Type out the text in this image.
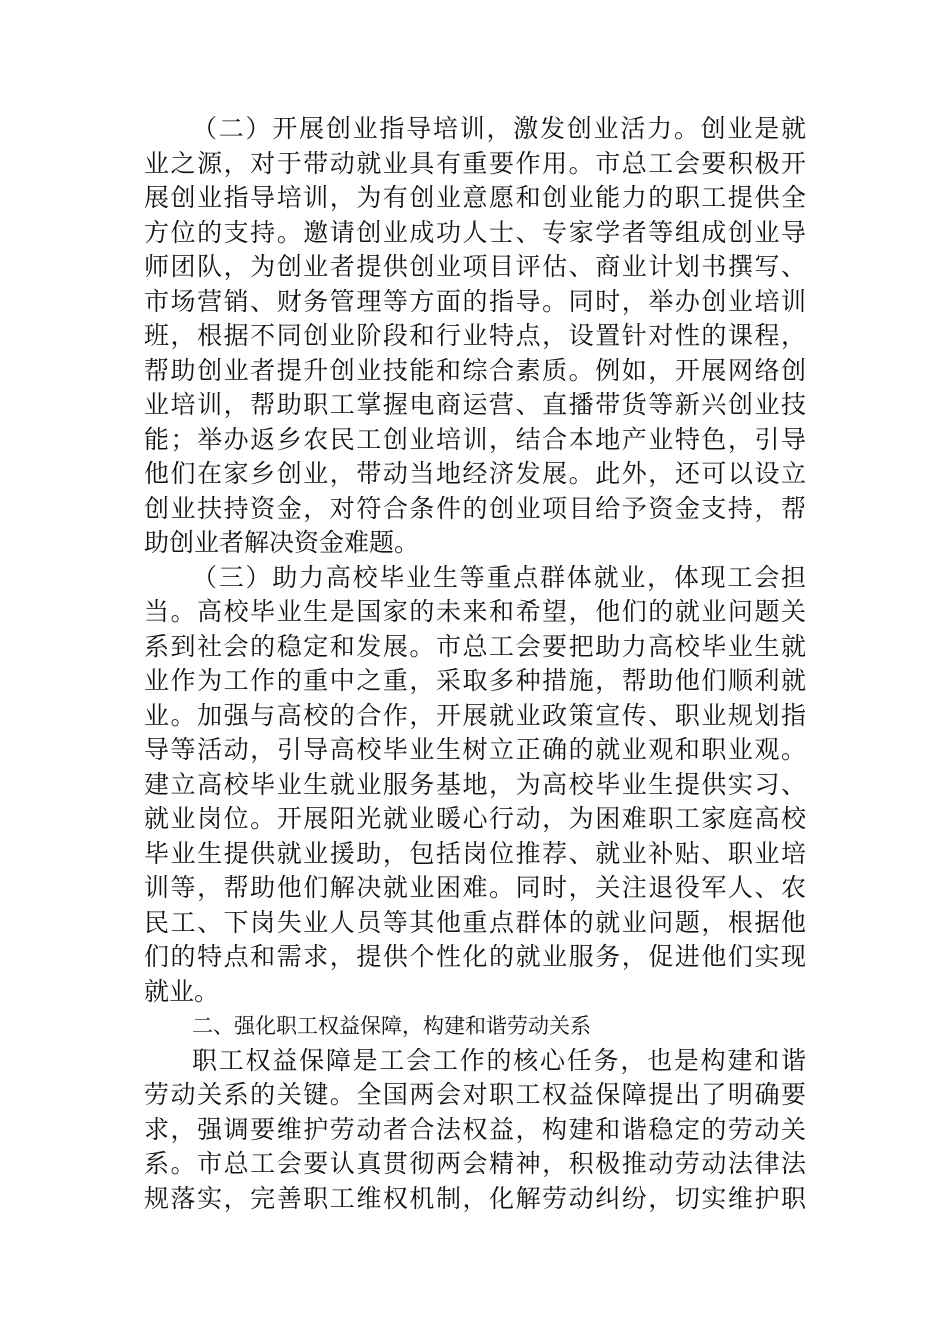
（二）开展创业指导培训，激发创业活力。创业是就
业之源，对于带动就业具有重要作用。市总工会要积极开
展创业指导培训，为有创业意愿和创业能力的职工提供全
方位的支持。邀请创业成功人士、专家学者等组成创业导
师团队，为创业者提供创业项目评估、商业计划书撰写、
市场营销、财务管理等方面的指导。同时，举办创业培训
班，根据不同创业阶段和行业特点，设置针对性的课程，
帮助创业者提升创业技能和综合素质。例如，开展网络创
业培训，帮助职工掌握电商运营、直播带货等新兴创业技
能；举办返乡农民工创业培训，结合本地产业特色，引导
他们在家乡创业，带动当地经济发展。此外，还可以设立
创业扶持资金，对符合条件的创业项目给予资金支持，帮
助创业者解决资金难题。
（三）助力高校毕业生等重点群体就业，体现工会担
当。高校毕业生是国家的未来和希望，他们的就业问题关
系到社会的稳定和发展。市总工会要把助力高校毕业生就
业作为工作的重中之重，采取多种措施，帮助他们顺利就
业。加强与高校的合作，开展就业政策宣传、职业规划指
导等活动，引导高校毕业生树立正确的就业观和职业观。
建立高校毕业生就业服务基地，为高校毕业生提供实习、
就业岗位。开展阳光就业暖心行动，为困难职工家庭高校
毕业生提供就业援助，包括岗位推荐、就业补贴、职业培
训等，帮助他们解决就业困难。同时，关注退役军人、农
民工、下岗失业人员等其他重点群体的就业问题，根据他
们的特点和需求，提供个性化的就业服务，促进他们实现
就业。
二、强化职工权益保障，构建和谐劳动关系
职工权益保障是工会工作的核心任务，也是构建和谐
劳动关系的关键。全国两会对职工权益保障提出了明确要
求，强调要维护劳动者合法权益，构建和谐稳定的劳动关
系。市总工会要认真贯彻两会精神，积极推动劳动法律法
规落实，完善职工维权机制，化解劳动纠纷，切实维护职
